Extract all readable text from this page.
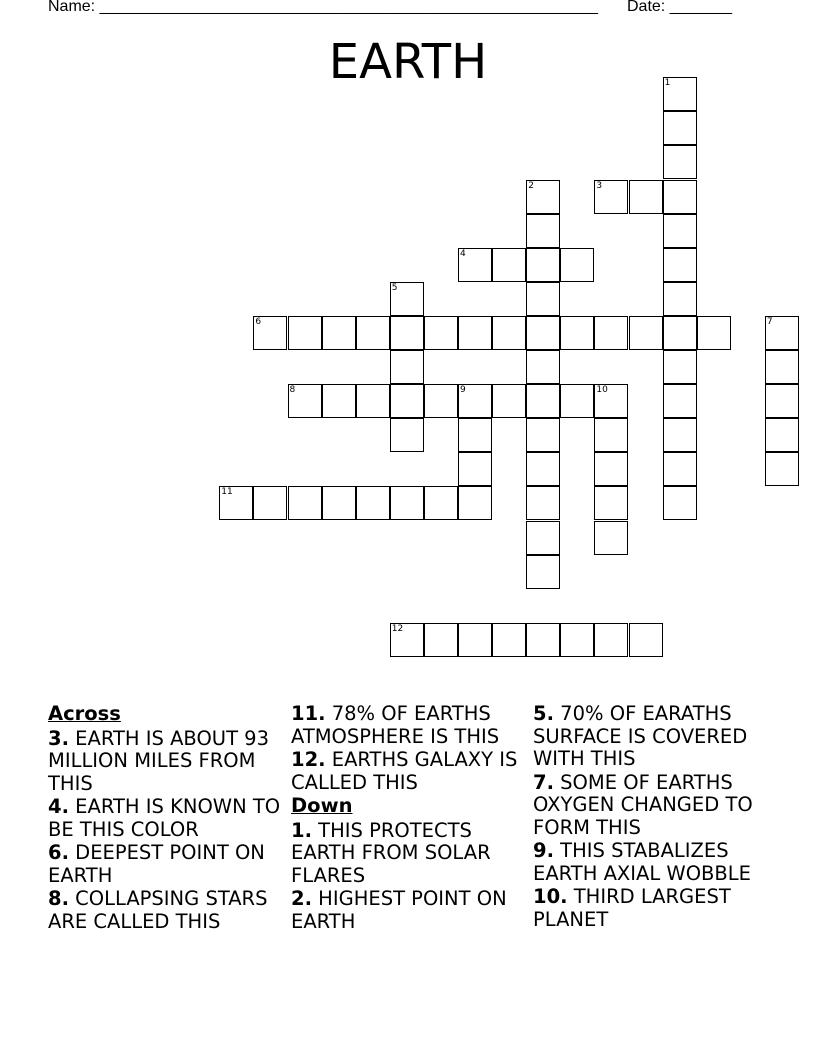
Name: ________________________________________________________ Date: _______
EARTH	1
2	3
4
5
6	7
8	9	10
11
12
Across
3. EARTH IS ABOUT 93 MILLION MILES FROM THIS
4. EARTH IS KNOWN TO BE THIS COLOR
6. DEEPEST POINT ON EARTH
8. COLLAPSING STARS ARE CALLED THIS
11. 78% OF EARTHS ATMOSPHERE IS THIS
12. EARTHS GALAXY IS CALLED THIS
Down
1. THIS PROTECTS EARTH FROM SOLAR FLARES
2. HIGHEST POINT ON EARTH
5. 70% OF EARATHS SURFACE IS COVERED WITH THIS
7. SOME OF EARTHS OXYGEN CHANGED TO FORM THIS
9. THIS STABALIZES EARTH AXIAL WOBBLE
10. THIRD LARGEST PLANET
